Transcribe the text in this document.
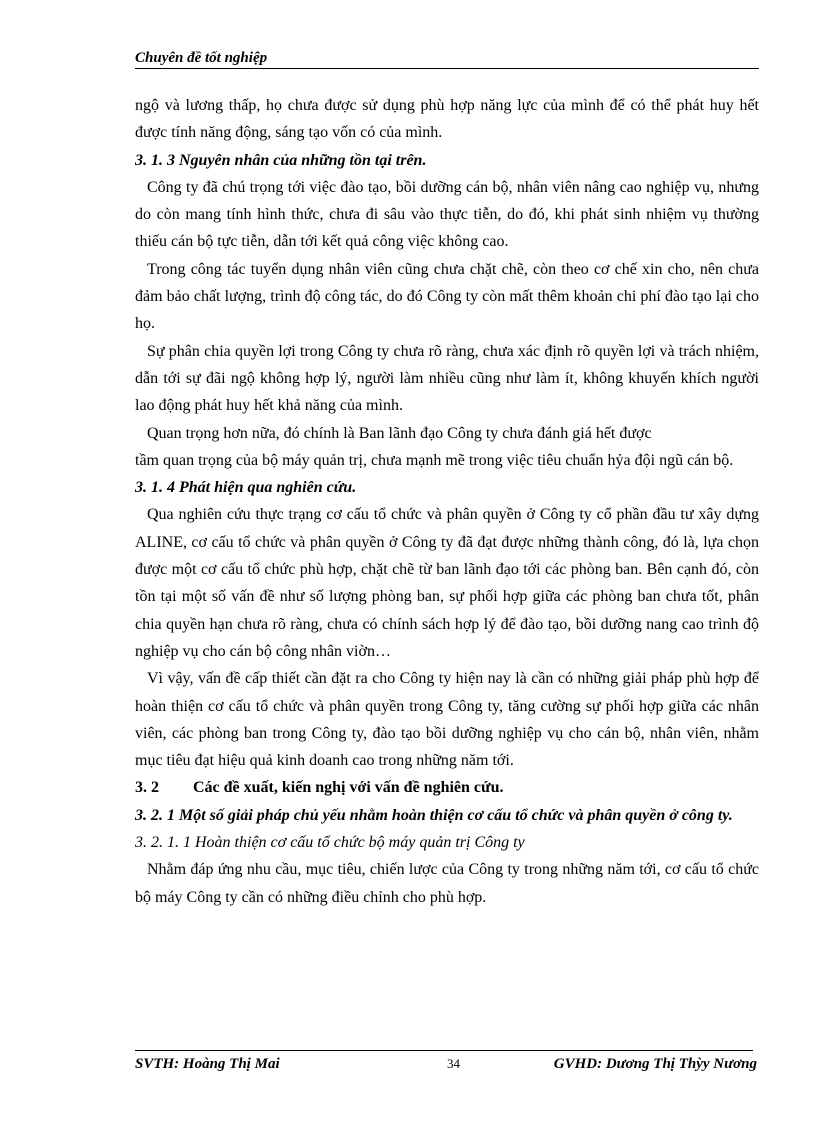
Chuyên đề tốt nghiệp

ngộ và lương thấp, họ chưa được sử dụng phù hợp năng lực của mình để có thể phát huy hết được tính năng động, sáng tạo vốn có của mình.

3. 1. 3 Nguyên nhân của những tồn tại trên.

Công ty đã chú trọng tới việc đào tạo, bồi dưỡng cán bộ, nhân viên nâng cao nghiệp vụ, nhưng do còn mang tính hình thức, chưa đi sâu vào thực tiễn, do đó, khi phát sinh nhiệm vụ thường thiếu cán bộ tực tiễn, dẫn tới kết quả công việc không cao.

Trong công tác tuyển dụng nhân viên cũng chưa chặt chẽ, còn theo cơ chế xin cho, nên chưa đảm bảo chất lượng, trình độ công tác, do đó Công ty còn mất thêm khoản chi phí đào tạo lại cho họ.

Sự phân chia quyền lợi trong Công ty chưa rõ ràng, chưa xác định rõ quyền lợi và trách nhiệm, dẫn tới sự đãi ngộ không hợp lý, người làm nhiều cũng như làm ít, không khuyến khích người lao động phát huy hết khả năng của mình.

Quan trọng hơn nữa, đó chính là Ban lãnh đạo Công ty chưa đánh giá hết được

tầm quan trọng của bộ máy quản trị, chưa mạnh mẽ trong việc tiêu chuẩn hỷa đội ngũ cán bộ.

3. 1. 4 Phát hiện qua nghiên cứu.

Qua nghiên cứu thực trạng cơ cấu tổ chức và phân quyền ở Công ty cổ phần đầu tư xây dựng ALINE, cơ cấu tổ chức và phân quyền ở Công ty đã đạt được những thành công, đó là, lựa chọn được một cơ cấu tổ chức phù hợp, chặt chẽ từ ban lãnh đạo tới các phòng ban. Bên cạnh đó, còn tồn tại một số vấn đề như số lượng phòng ban, sự phối hợp giữa các phòng ban chưa tốt, phân chia quyền hạn chưa rõ ràng, chưa có chính sách hợp lý để đào tạo, bồi dưỡng nang cao trình độ nghiệp vụ cho cán bộ công nhân viờn…

Vì vậy, vấn đề cấp thiết cần đặt ra cho Công ty hiện nay là cần có những giải pháp phù hợp để hoàn thiện cơ cấu tổ chức và phân quyền trong Công ty, tăng cường sự phối hợp giữa các nhân viên, các phòng ban trong Công ty, đào tạo bồi dưỡng nghiệp vụ cho cán bộ, nhân viên, nhằm mục tiêu đạt hiệu quả kinh doanh cao trong những năm tới.

3. 2 Các đề xuất, kiến nghị với vấn đề nghiên cứu.

3. 2. 1 Một số giải pháp chủ yếu nhằm hoàn thiện cơ cấu tổ chức và phân quyền ở công ty.

3. 2. 1. 1 Hoàn thiện cơ cấu tổ chức bộ máy quản trị Công ty

Nhằm đáp ứng nhu cầu, mục tiêu, chiến lược của Công ty trong những năm tới, cơ cấu tổ chức bộ máy Công ty cần có những điều chỉnh cho phù hợp.

SVTH: Hoàng Thị Mai	34	GVHD: Dương Thị Thỳy Nương
